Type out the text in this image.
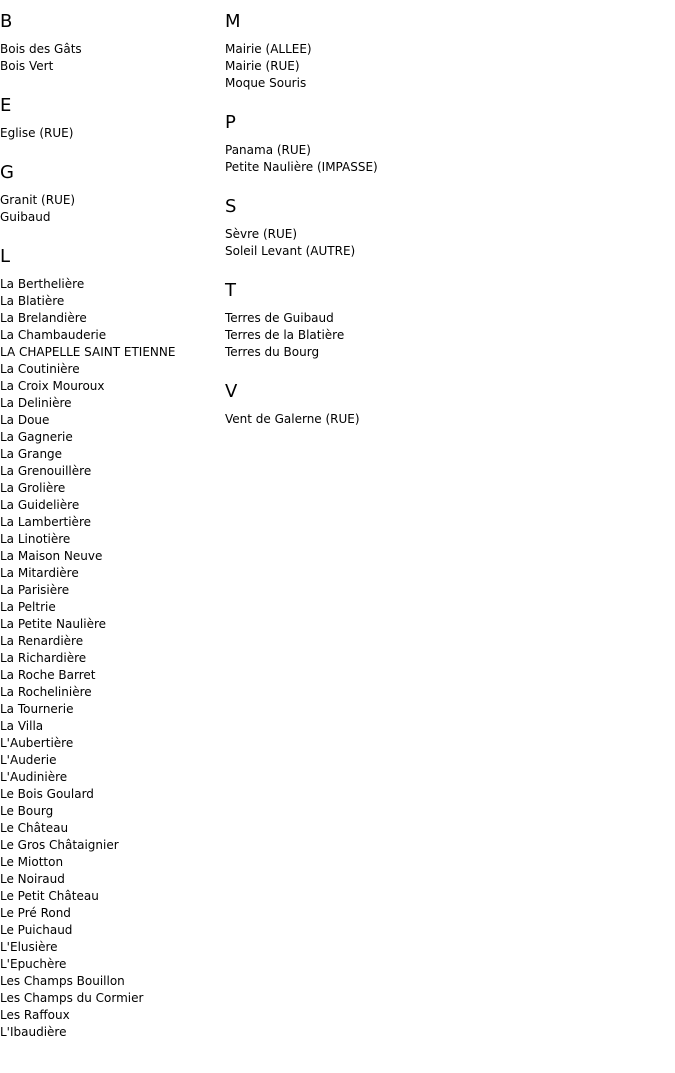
B
Bois des Gâts
Bois Vert
E
Eglise (RUE)
G
Granit (RUE)
Guibaud
L
La Berthelière
La Blatière
La Brelandière
La Chambauderie
LA CHAPELLE SAINT ETIENNE
La Coutinière
La Croix Mouroux
La Delinière
La Doue
La Gagnerie
La Grange
La Grenouillère
La Grolière
La Guidelière
La Lambertière
La Linotière
La Maison Neuve
La Mitardière
La Parisière
La Peltrie
La Petite Naulière
La Renardière
La Richardière
La Roche Barret
La Rochelinière
La Tournerie
La Villa
L'Aubertière
L'Auderie
L'Audinière
Le Bois Goulard
Le Bourg
Le Château
Le Gros Châtaignier
Le Miotton
Le Noiraud
Le Petit Château
Le Pré Rond
Le Puichaud
L'Elusière
L'Epuchère
Les Champs Bouillon
Les Champs du Cormier
Les Raffoux
L'Ibaudière
M
Mairie (ALLEE)
Mairie (RUE)
Moque Souris
P
Panama (RUE)
Petite Naulière (IMPASSE)
S
Sèvre (RUE)
Soleil Levant (AUTRE)
T
Terres de Guibaud
Terres de la Blatière
Terres du Bourg
V
Vent de Galerne (RUE)
